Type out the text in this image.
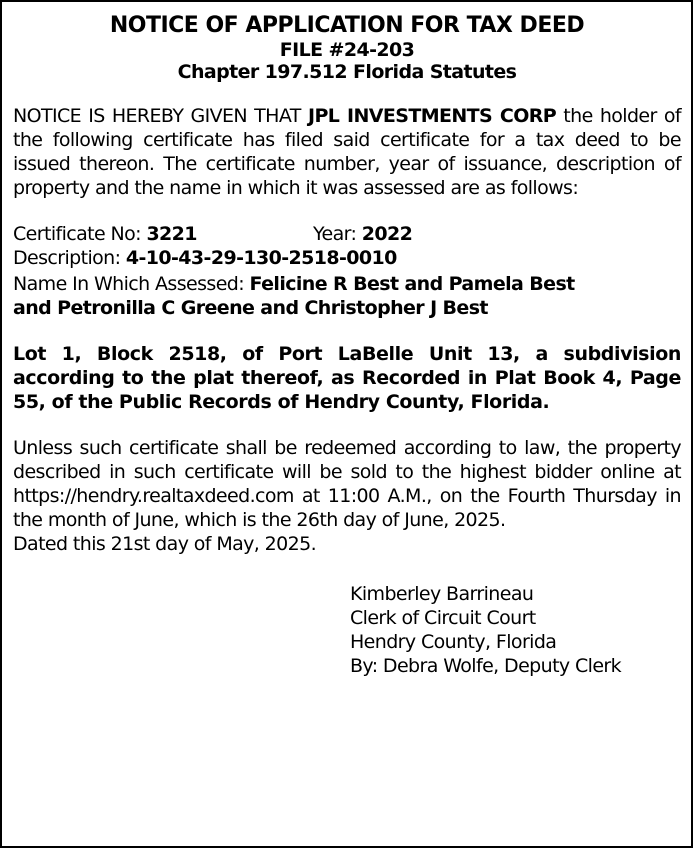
NOTICE OF APPLICATION FOR TAX DEED
FILE #24-203
Chapter 197.512 Florida Statutes

NOTICE IS HEREBY GIVEN THAT JPL INVESTMENTS CORP the holder of the following certificate has filed said certificate for a tax deed to be issued thereon. The certificate number, year of issuance, description of property and the name in which it was assessed are as follows:

Certificate No: 3221	Year: 2022
Description: 4-10-43-29-130-2518-0010
Name In Which Assessed: Felicine R Best and Pamela Best
and Petronilla C Greene and Christopher J Best

Lot 1, Block 2518, of Port LaBelle Unit 13, a subdivision according to the plat thereof, as Recorded in Plat Book 4, Page 55, of the Public Records of Hendry County, Florida.

Unless such certificate shall be redeemed according to law, the property described in such certificate will be sold to the highest bidder online at https://hendry.realtaxdeed.com at 11:00 A.M., on the Fourth Thursday in the month of June, which is the 26th day of June, 2025.

Dated this 21st day of May, 2025.

Kimberley Barrineau
Clerk of Circuit Court
Hendry County, Florida
By: Debra Wolfe, Deputy Clerk
